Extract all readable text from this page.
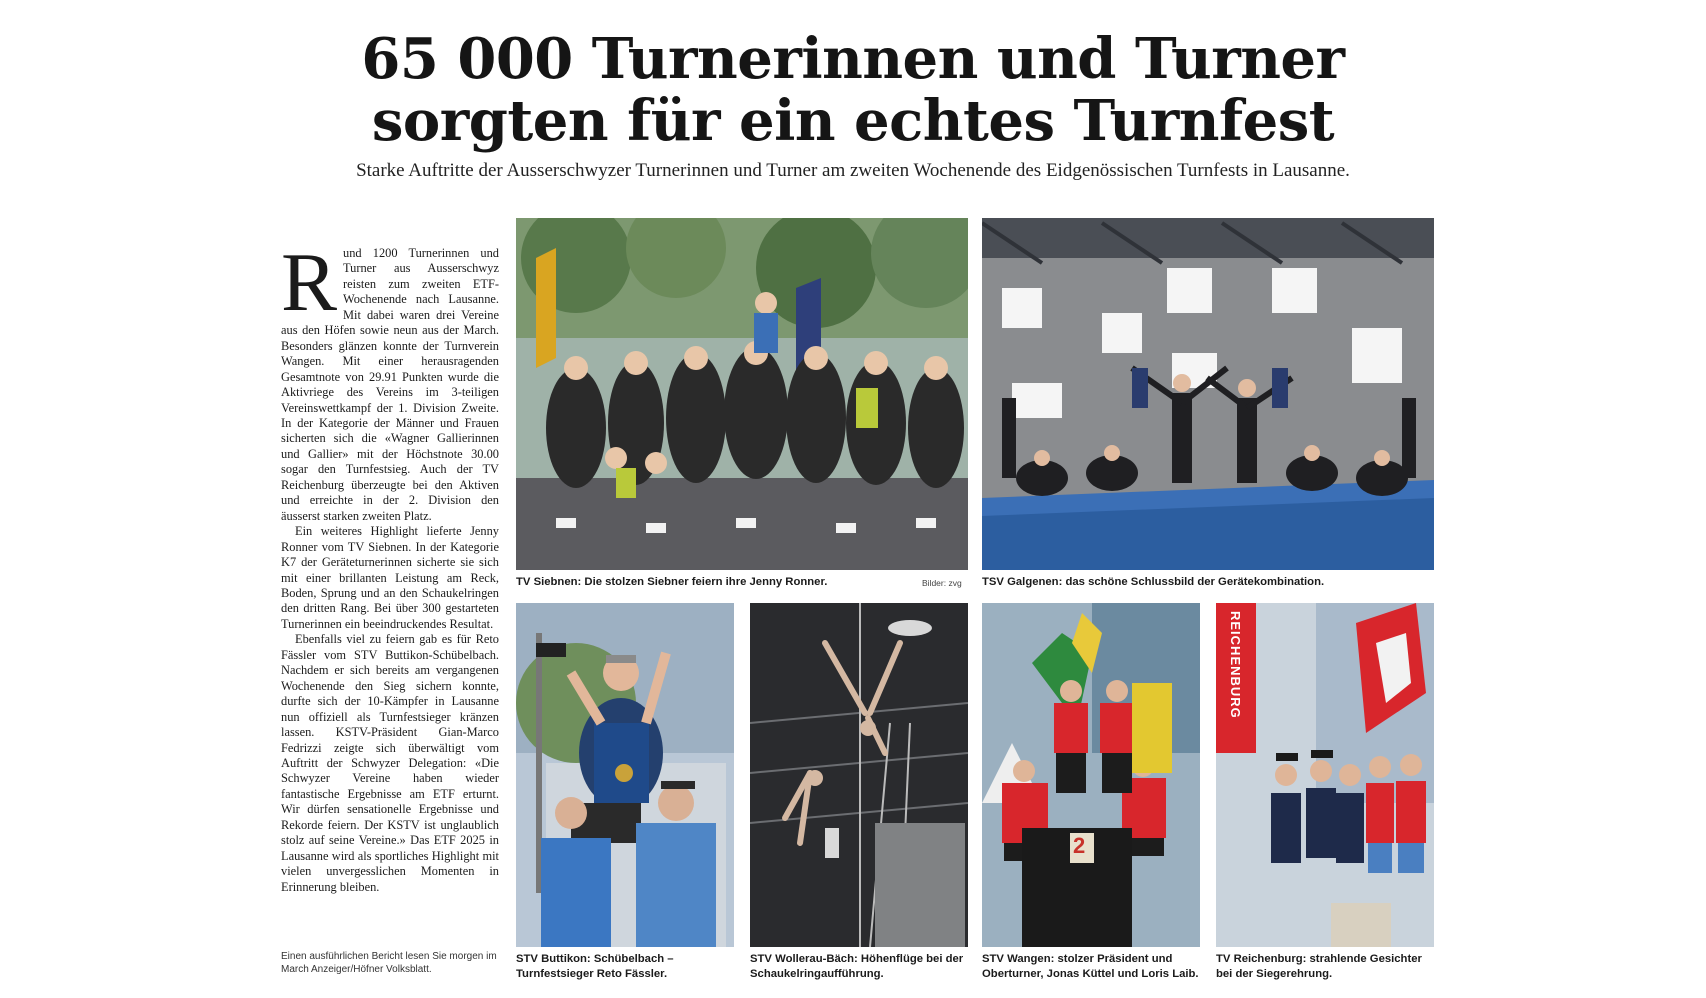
65 000 Turnerinnen und Turner
sorgten für ein echtes Turnfest
Starke Auftritte der Ausserschwyzer Turnerinnen und Turner am zweiten Wochenende des Eidgenössischen Turnfests in Lausanne.

Rund 1200 Turnerinnen und Turner aus Ausserschwyz reisten zum zweiten ETF-Wochenende nach Lausanne. Mit dabei waren drei Vereine aus den Höfen sowie neun aus der March. Besonders glänzen konnte der Turnverein Wangen. Mit einer herausragenden Gesamtnote von 29.91 Punkten wurde die Aktivriege des Vereins im 3-teiligen Vereinswettkampf der 1. Division Zweite. In der Kategorie der Männer und Frauen sicherten sich die «Wagner Gallierinnen und Gallier» mit der Höchstnote 30.00 sogar den Turnfestsieg. Auch der TV Reichenburg überzeugte bei den Aktiven und erreichte in der 2. Division den äusserst starken zweiten Platz.

Ein weiteres Highlight lieferte Jenny Ronner vom TV Siebnen. In der Kategorie K7 der Geräteturnerinnen sicherte sie sich mit einer brillanten Leistung am Reck, Boden, Sprung und an den Schaukelringen den dritten Rang. Bei über 300 gestarteten Turnerinnen ein beeindruckendes Resultat.

Ebenfalls viel zu feiern gab es für Reto Fässler vom STV Buttikon-Schübelbach. Nachdem er sich bereits am vergangenen Wochenende den Sieg sichern konnte, durfte sich der 10-Kämpfer in Lausanne nun offiziell als Turnfestsieger kränzen lassen. KSTV-Präsident Gian-Marco Fedrizzi zeigte sich überwältigt vom Auftritt der Schwyzer Delegation: «Die Schwyzer Vereine haben wieder fantastische Ergebnisse am ETF erturnt. Wir dürfen sensationelle Ergebnisse und Rekorde feiern. Der KSTV ist unglaublich stolz auf seine Vereine.» Das ETF 2025 in Lausanne wird als sportliches Highlight mit vielen unvergesslichen Momenten in Erinnerung bleiben.

Einen ausführlichen Bericht lesen Sie morgen im March Anzeiger/Höfner Volksblatt.
TV Siebnen: Die stolzen Siebner feiern ihre Jenny Ronner.	Bilder: zvg	TSV Galgenen: das schöne Schlussbild der Gerätekombination.
STV Buttikon: Schübelbach – Turnfestsieger Reto Fässler.
STV Wollerau-Bäch: Höhenflüge bei der Schaukelringaufführung.
2
STV Wangen: stolzer Präsident und Oberturner, Jonas Küttel und Loris Laib.
REICHENBURG
TV Reichenburg: strahlende Gesichter bei der Siegerehrung.
